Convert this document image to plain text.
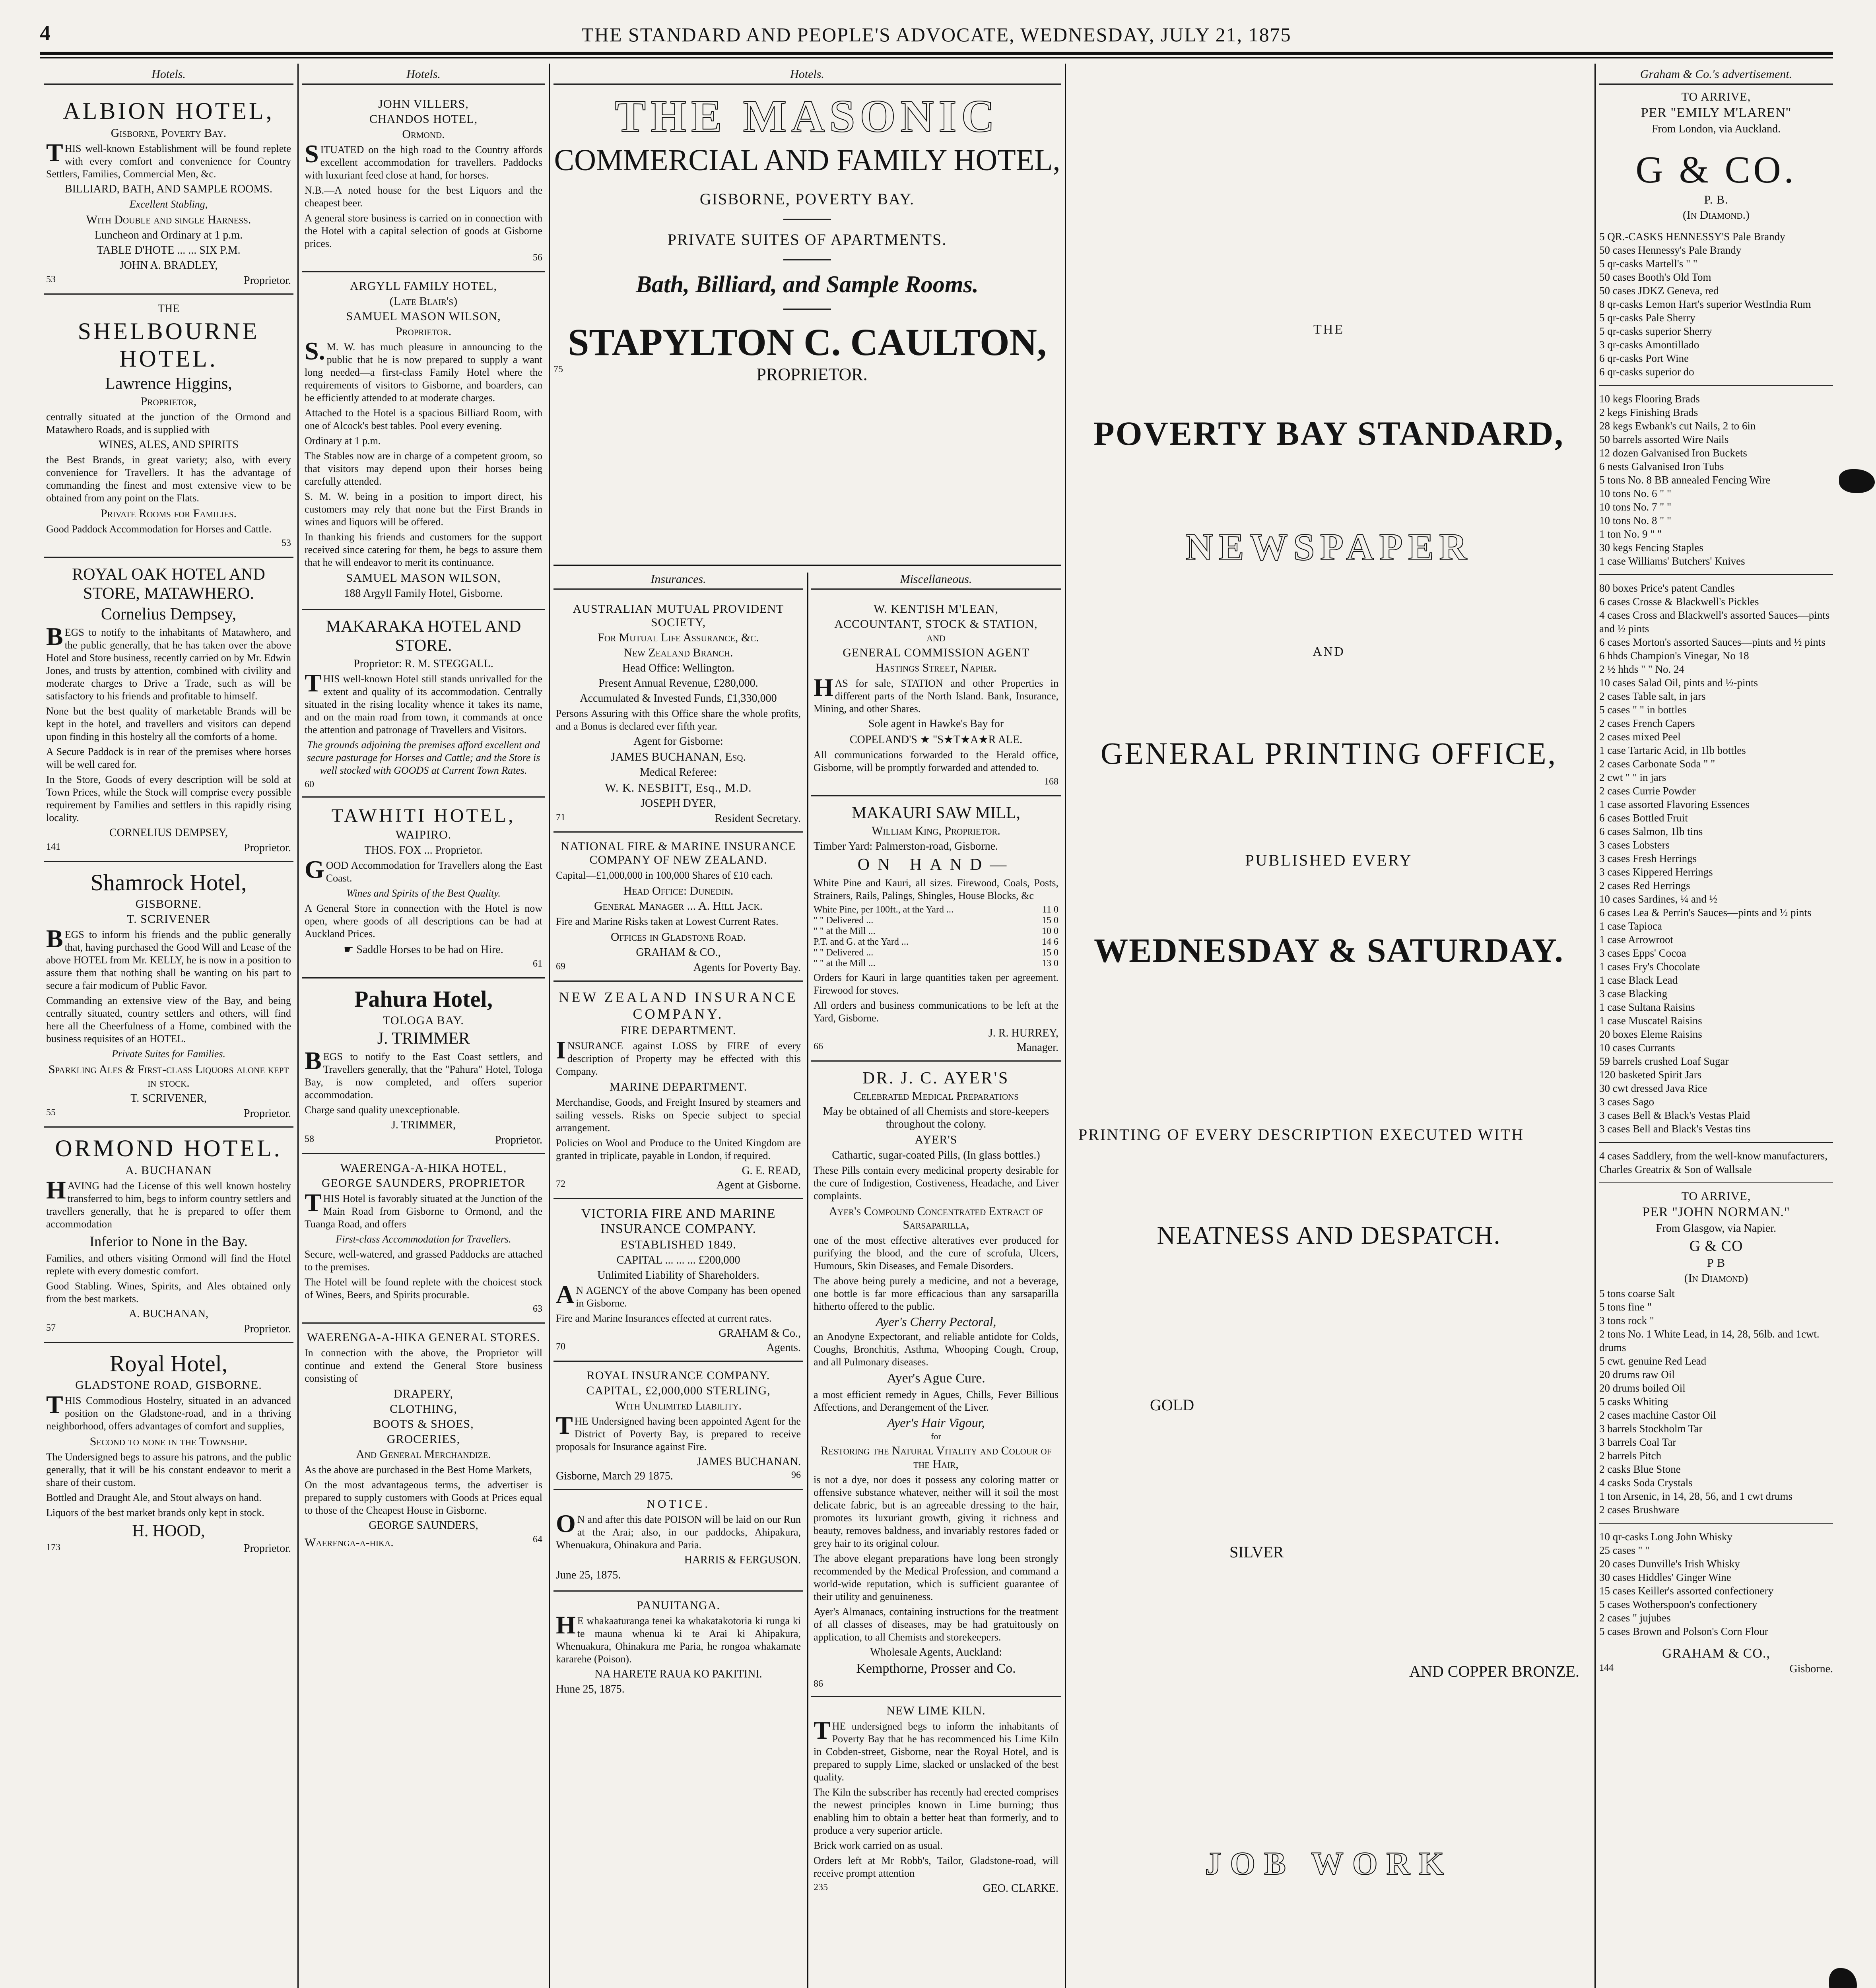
4	THE STANDARD AND PEOPLE'S ADVOCATE, WEDNESDAY, JULY 21, 1875
Hotels.
ALBION HOTEL,
Gisborne, Poverty Bay.
THIS well-known Establishment will be found replete with every comfort and convenience for Country Settlers, Families, Commercial Men, &c.
BILLIARD, BATH, AND SAMPLE ROOMS.
Excellent Stabling,
With Double and single Harness.
Luncheon and Ordinary at 1 p.m.
TABLE D'HOTE ... ... SIX P.M.
JOHN A. BRADLEY,
53	Proprietor.
THE
SHELBOURNE HOTEL.
Lawrence Higgins,
Proprietor,
centrally situated at the junction of the Ormond and Matawhero Roads, and is supplied with
WINES, ALES, AND SPIRITS
the Best Brands, in great variety; also, with every convenience for Travellers. It has the advantage of commanding the finest and most extensive view to be obtained from any point on the Flats.
Private Rooms for Families.
Good Paddock Accommodation for Horses and Cattle.
53
ROYAL OAK HOTEL AND STORE, MATAWHERO.
Cornelius Dempsey,
BEGS to notify to the inhabitants of Matawhero, and the public generally, that he has taken over the above Hotel and Store business, recently carried on by Mr. Edwin Jones, and trusts by attention, combined with civility and moderate charges to Drive a Trade, such as will be satisfactory to his friends and profitable to himself.
None but the best quality of marketable Brands will be kept in the hotel, and travellers and visitors can depend upon finding in this hostelry all the comforts of a home.
A Secure Paddock is in rear of the premises where horses will be well cared for.
In the Store, Goods of every description will be sold at Town Prices, while the Stock will comprise every possible requirement by Families and settlers in this rapidly rising locality.
CORNELIUS DEMPSEY,
141	Proprietor.
Shamrock Hotel,
GISBORNE.
T. SCRIVENER
BEGS to inform his friends and the public generally that, having purchased the Good Will and Lease of the above HOTEL from Mr. KELLY, he is now in a position to assure them that nothing shall be wanting on his part to secure a fair modicum of Public Favor.
Commanding an extensive view of the Bay, and being centrally situated, country settlers and others, will find here all the Cheerfulness of a Home, combined with the business requisites of an HOTEL.
Private Suites for Families.
Sparkling Ales & First-class Liquors alone kept in stock.
T. SCRIVENER,
55	Proprietor.
ORMOND HOTEL.
A. BUCHANAN
HAVING had the License of this well known hostelry transferred to him, begs to inform country settlers and travellers generally, that he is prepared to offer them accommodation
Inferior to None in the Bay.
Families, and others visiting Ormond will find the Hotel replete with every domestic comfort.
Good Stabling. Wines, Spirits, and Ales obtained only from the best markets.
A. BUCHANAN,
57	Proprietor.
Royal Hotel,
GLADSTONE ROAD, GISBORNE.
THIS Commodious Hostelry, situated in an advanced position on the Gladstone-road, and in a thriving neighborhood, offers advantages of comfort and supplies,
Second to none in the Township.
The Undersigned begs to assure his patrons, and the public generally, that it will be his constant endeavor to merit a share of their custom.
Bottled and Draught Ale, and Stout always on hand.
Liquors of the best market brands only kept in stock.
H. HOOD,
173	Proprietor.
Hotels.
JOHN VILLERS,
CHANDOS HOTEL,
Ormond.
SITUATED on the high road to the Country affords excellent accommodation for travellers. Paddocks with luxuriant feed close at hand, for horses.
N.B.—A noted house for the best Liquors and the cheapest beer.
A general store business is carried on in connection with the Hotel with a capital selection of goods at Gisborne prices.
56
ARGYLL FAMILY HOTEL,
(Late Blair's)
SAMUEL MASON WILSON,
Proprietor.
S.M. W. has much pleasure in announcing to the public that he is now prepared to supply a want long needed—a first-class Family Hotel where the requirements of visitors to Gisborne, and boarders, can be efficiently attended to at moderate charges.
Attached to the Hotel is a spacious Billiard Room, with one of Alcock's best tables. Pool every evening.
Ordinary at 1 p.m.
The Stables now are in charge of a competent groom, so that visitors may depend upon their horses being carefully attended.
S. M. W. being in a position to import direct, his customers may rely that none but the First Brands in wines and liquors will be offered.
In thanking his friends and customers for the support received since catering for them, he begs to assure them that he will endeavor to merit its continuance.
SAMUEL MASON WILSON,
188 Argyll Family Hotel, Gisborne.
MAKARAKA HOTEL AND STORE.
Proprietor: R. M. STEGGALL.
THIS well-known Hotel still stands unrivalled for the extent and quality of its accommodation. Centrally situated in the rising locality whence it takes its name, and on the main road from town, it commands at once the attention and patronage of Travellers and Visitors.
The grounds adjoining the premises afford excellent and secure pasturage for Horses and Cattle; and the Store is well stocked with GOODS at Current Town Rates.
60
TAWHITI HOTEL,
WAIPIRO.
THOS. FOX ... Proprietor.
GOOD Accommodation for Travellers along the East Coast.
Wines and Spirits of the Best Quality.
A General Store in connection with the Hotel is now open, where goods of all descriptions can be had at Auckland Prices.
☛ Saddle Horses to be had on Hire.
61
Pahura Hotel,
TOLOGA BAY.
J. TRIMMER
BEGS to notify to the East Coast settlers, and Travellers generally, that the "Pahura" Hotel, Tologa Bay, is now completed, and offers superior accommodation.
Charge sand quality unexceptionable.
J. TRIMMER,
58	Proprietor.
WAERENGA-A-HIKA HOTEL,
GEORGE SAUNDERS, PROPRIETOR
THIS Hotel is favorably situated at the Junction of the Main Road from Gisborne to Ormond, and the Tuanga Road, and offers
First-class Accommodation for Travellers.
Secure, well-watered, and grassed Paddocks are attached to the premises.
The Hotel will be found replete with the choicest stock of Wines, Beers, and Spirits procurable.
63
WAERENGA-A-HIKA GENERAL STORES.
In connection with the above, the Proprietor will continue and extend the General Store business consisting of
DRAPERY,
CLOTHING,
BOOTS & SHOES,
GROCERIES,
And General Merchandize.
As the above are purchased in the Best Home Markets,
On the most advantageous terms, the advertiser is prepared to supply customers with Goods at Prices equal to those of the Cheapest House in Gisborne.
GEORGE SAUNDERS,
Waerenga-a-hika.	64
Hotels.
THE MASONIC
COMMERCIAL AND FAMILY HOTEL,
GISBORNE, POVERTY BAY.
PRIVATE SUITES OF APARTMENTS.
Bath, Billiard, and Sample Rooms.
STAPYLTON C. CAULTON,
75	PROPRIETOR.
Insurances.
AUSTRALIAN MUTUAL PROVIDENT SOCIETY,
For Mutual Life Assurance, &c.
New Zealand Branch.
Head Office: Wellington.
Present Annual Revenue, £280,000.
Accumulated & Invested Funds, £1,330,000
Persons Assuring with this Office share the whole profits, and a Bonus is declared ever fifth year.
Agent for Gisborne:
JAMES BUCHANAN, Esq.
Medical Referee:
W. K. NESBITT, Esq., M.D.
JOSEPH DYER,
71	Resident Secretary.
NATIONAL FIRE & MARINE INSURANCE COMPANY OF NEW ZEALAND.
Capital—£1,000,000 in 100,000 Shares of £10 each.
Head Office: Dunedin.
General Manager ... A. Hill Jack.
Fire and Marine Risks taken at Lowest Current Rates.
Offices in Gladstone Road.
GRAHAM & CO.,
69	Agents for Poverty Bay.
NEW ZEALAND INSURANCE COMPANY.
FIRE DEPARTMENT.
INSURANCE against LOSS by FIRE of every description of Property may be effected with this Company.
MARINE DEPARTMENT.
Merchandise, Goods, and Freight Insured by steamers and sailing vessels. Risks on Specie subject to special arrangement.
Policies on Wool and Produce to the United Kingdom are granted in triplicate, payable in London, if required.
G. E. READ,
72	Agent at Gisborne.
VICTORIA FIRE AND MARINE INSURANCE COMPANY.
ESTABLISHED 1849.
CAPITAL ... ... ... £200,000
Unlimited Liability of Shareholders.
AN AGENCY of the above Company has been opened in Gisborne.
Fire and Marine Insurances effected at current rates.
GRAHAM & Co.,
70	Agents.
ROYAL INSURANCE COMPANY.
CAPITAL, £2,000,000 STERLING,
With Unlimited Liability.
THE Undersigned having been appointed Agent for the District of Poverty Bay, is prepared to receive proposals for Insurance against Fire.
JAMES BUCHANAN.
Gisborne, March 29 1875.	96
NOTICE.
ON and after this date POISON will be laid on our Run at the Arai; also, in our paddocks, Ahipakura, Whenuakura, Ohinakura and Paria.
HARRIS & FERGUSON.
June 25, 1875.
PANUITANGA.
HE whakaaturanga tenei ka whakatakotoria ki runga ki te mauna whenua ki te Arai ki Ahipakura, Whenuakura, Ohinakura me Paria, he rongoa whakamate kararehe (Poison).
NA HARETE RAUA KO PAKITINI.
Hune 25, 1875.
Miscellaneous.
W. KENTISH M'LEAN,
ACCOUNTANT, STOCK & STATION,
AND
GENERAL COMMISSION AGENT
Hastings Street, Napier.
HAS for sale, STATION and other Properties in different parts of the North Island. Bank, Insurance, Mining, and other Shares.
Sole agent in Hawke's Bay for
COPELAND'S ★ "S★T★A★R ALE.
All communications forwarded to the Herald office, Gisborne, will be promptly forwarded and attended to.
168
MAKAURI SAW MILL,
William King, Proprietor.
Timber Yard: Palmerston-road, Gisborne.
ON HAND—
White Pine and Kauri, all sizes. Firewood, Coals, Posts, Strainers, Rails, Palings, Shingles, House Blocks, &c
White Pine, per 100ft., at the Yard ...	11 0
" " Delivered ...	15 0
" " at the Mill ...	10 0
P.T. and G. at the Yard ...	14 6
" " Delivered ...	15 0
" " at the Mill ...	13 0
Orders for Kauri in large quantities taken per agreement. Firewood for stoves.
All orders and business communications to be left at the Yard, Gisborne.
J. R. HURREY,
66	Manager.
DR. J. C. AYER'S
Celebrated Medical Preparations
May be obtained of all Chemists and store-keepers throughout the colony.
AYER'S
Cathartic, sugar-coated Pills, (In glass bottles.)
These Pills contain every medicinal property desirable for the cure of Indigestion, Costiveness, Headache, and Liver complaints.
Ayer's Compound Concentrated Extract of Sarsaparilla,
one of the most effective alteratives ever produced for purifying the blood, and the cure of scrofula, Ulcers, Humours, Skin Diseases, and Female Disorders.
The above being purely a medicine, and not a beverage, one bottle is far more efficacious than any sarsaparilla hitherto offered to the public.
Ayer's Cherry Pectoral,
an Anodyne Expectorant, and reliable antidote for Colds, Coughs, Bronchitis, Asthma, Whooping Cough, Croup, and all Pulmonary diseases.
Ayer's Ague Cure.
a most efficient remedy in Agues, Chills, Fever Billious Affections, and Derangement of the Liver.
Ayer's Hair Vigour,
for
Restoring the Natural Vitality and Colour of the Hair,
is not a dye, nor does it possess any coloring matter or offensive substance whatever, neither will it soil the most delicate fabric, but is an agreeable dressing to the hair, promotes its luxuriant growth, giving it richness and beauty, removes baldness, and invariably restores faded or grey hair to its original colour.
The above elegant preparations have long been strongly recommended by the Medical Profession, and command a world-wide reputation, which is sufficient guarantee of their utility and genuineness.
Ayer's Almanacs, containing instructions for the treatment of all classes of diseases, may be had gratuitously on application, to all Chemists and storekeepers.
Wholesale Agents, Auckland:
Kempthorne, Prosser and Co.
86
NEW LIME KILN.
THE undersigned begs to inform the inhabitants of Poverty Bay that he has recommenced his Lime Kiln in Cobden-street, Gisborne, near the Royal Hotel, and is prepared to supply Lime, slacked or unslacked of the best quality.
The Kiln the subscriber has recently had erected comprises the newest principles known in Lime burning; thus enabling him to obtain a better heat than formerly, and to produce a very superior article.
Brick work carried on as usual.
Orders left at Mr Robb's, Tailor, Gladstone-road, will receive prompt attention
235	GEO. CLARKE.
THE
POVERTY BAY STANDARD,
NEWSPAPER
AND
GENERAL PRINTING OFFICE,
PUBLISHED EVERY
WEDNESDAY & SATURDAY.
PRINTING OF EVERY DESCRIPTION EXECUTED WITH
NEATNESS AND DESPATCH.
GOLD
SILVER
AND COPPER BRONZE.
JOB WORK
Graham & Co.'s advertisement.
TO ARRIVE,
PER "EMILY M'LAREN"
From London, via Auckland.
G & CO.
P. B.
(In Diamond.)
5 QR.-CASKS HENNESSY'S Pale Brandy
50 cases Hennessy's Pale Brandy
5 qr-casks Martell's " "
50 cases Booth's Old Tom
50 cases JDKZ Geneva, red
8 qr-casks Lemon Hart's superior WestIndia Rum
5 qr-casks Pale Sherry
5 qr-casks superior Sherry
3 qr-casks Amontillado
6 qr-casks Port Wine
6 qr-casks superior do
10 kegs Flooring Brads
2 kegs Finishing Brads
28 kegs Ewbank's cut Nails, 2 to 6in
50 barrels assorted Wire Nails
12 dozen Galvanised Iron Buckets
6 nests Galvanised Iron Tubs
5 tons No. 8 BB annealed Fencing Wire
10 tons No. 6 " "
10 tons No. 7 " "
10 tons No. 8 " "
1 ton No. 9 " "
30 kegs Fencing Staples
1 case Williams' Butchers' Knives
80 boxes Price's patent Candles
6 cases Crosse & Blackwell's Pickles
4 cases Cross and Blackwell's assorted Sauces—pints and ½ pints
6 cases Morton's assorted Sauces—pints and ½ pints
6 hhds Champion's Vinegar, No 18
2 ½ hhds " " No. 24
10 cases Salad Oil, pints and ½-pints
2 cases Table salt, in jars
5 cases " " in bottles
2 cases French Capers
2 cases mixed Peel
1 case Tartaric Acid, in 1lb bottles
2 cases Carbonate Soda " "
2 cwt " " in jars
2 cases Currie Powder
1 case assorted Flavoring Essences
6 cases Bottled Fruit
6 cases Salmon, 1lb tins
3 cases Lobsters
3 cases Fresh Herrings
3 cases Kippered Herrings
2 cases Red Herrings
10 cases Sardines, ¼ and ½
6 cases Lea & Perrin's Sauces—pints and ½ pints
1 case Tapioca
1 case Arrowroot
3 cases Epps' Cocoa
1 cases Fry's Chocolate
1 case Black Lead
3 case Blacking
1 case Sultana Raisins
1 case Muscatel Raisins
20 boxes Eleme Raisins
10 cases Currants
59 barrels crushed Loaf Sugar
120 basketed Spirit Jars
30 cwt dressed Java Rice
3 cases Sago
3 cases Bell & Black's Vestas Plaid
3 cases Bell and Black's Vestas tins
4 cases Saddlery, from the well-know manufacturers, Charles Greatrix & Son of Wallsale
TO ARRIVE,
PER "JOHN NORMAN."
From Glasgow, via Napier.
G & CO
P B
(In Diamond)
5 tons coarse Salt
5 tons fine "
3 tons rock "
2 tons No. 1 White Lead, in 14, 28, 56lb. and 1cwt. drums
5 cwt. genuine Red Lead
20 drums raw Oil
20 drums boiled Oil
5 casks Whiting
2 cases machine Castor Oil
3 barrels Stockholm Tar
3 barrels Coal Tar
2 barrels Pitch
2 casks Blue Stone
4 casks Soda Crystals
1 ton Arsenic, in 14, 28, 56, and 1 cwt drums
2 cases Brushware
10 qr-casks Long John Whisky
25 cases " "
20 cases Dunville's Irish Whisky
30 cases Hiddles' Ginger Wine
15 cases Keiller's assorted confectionery
5 cases Wotherspoon's confectionery
2 cases " jujubes
5 cases Brown and Polson's Corn Flour
GRAHAM & CO.,
144	Gisborne.
